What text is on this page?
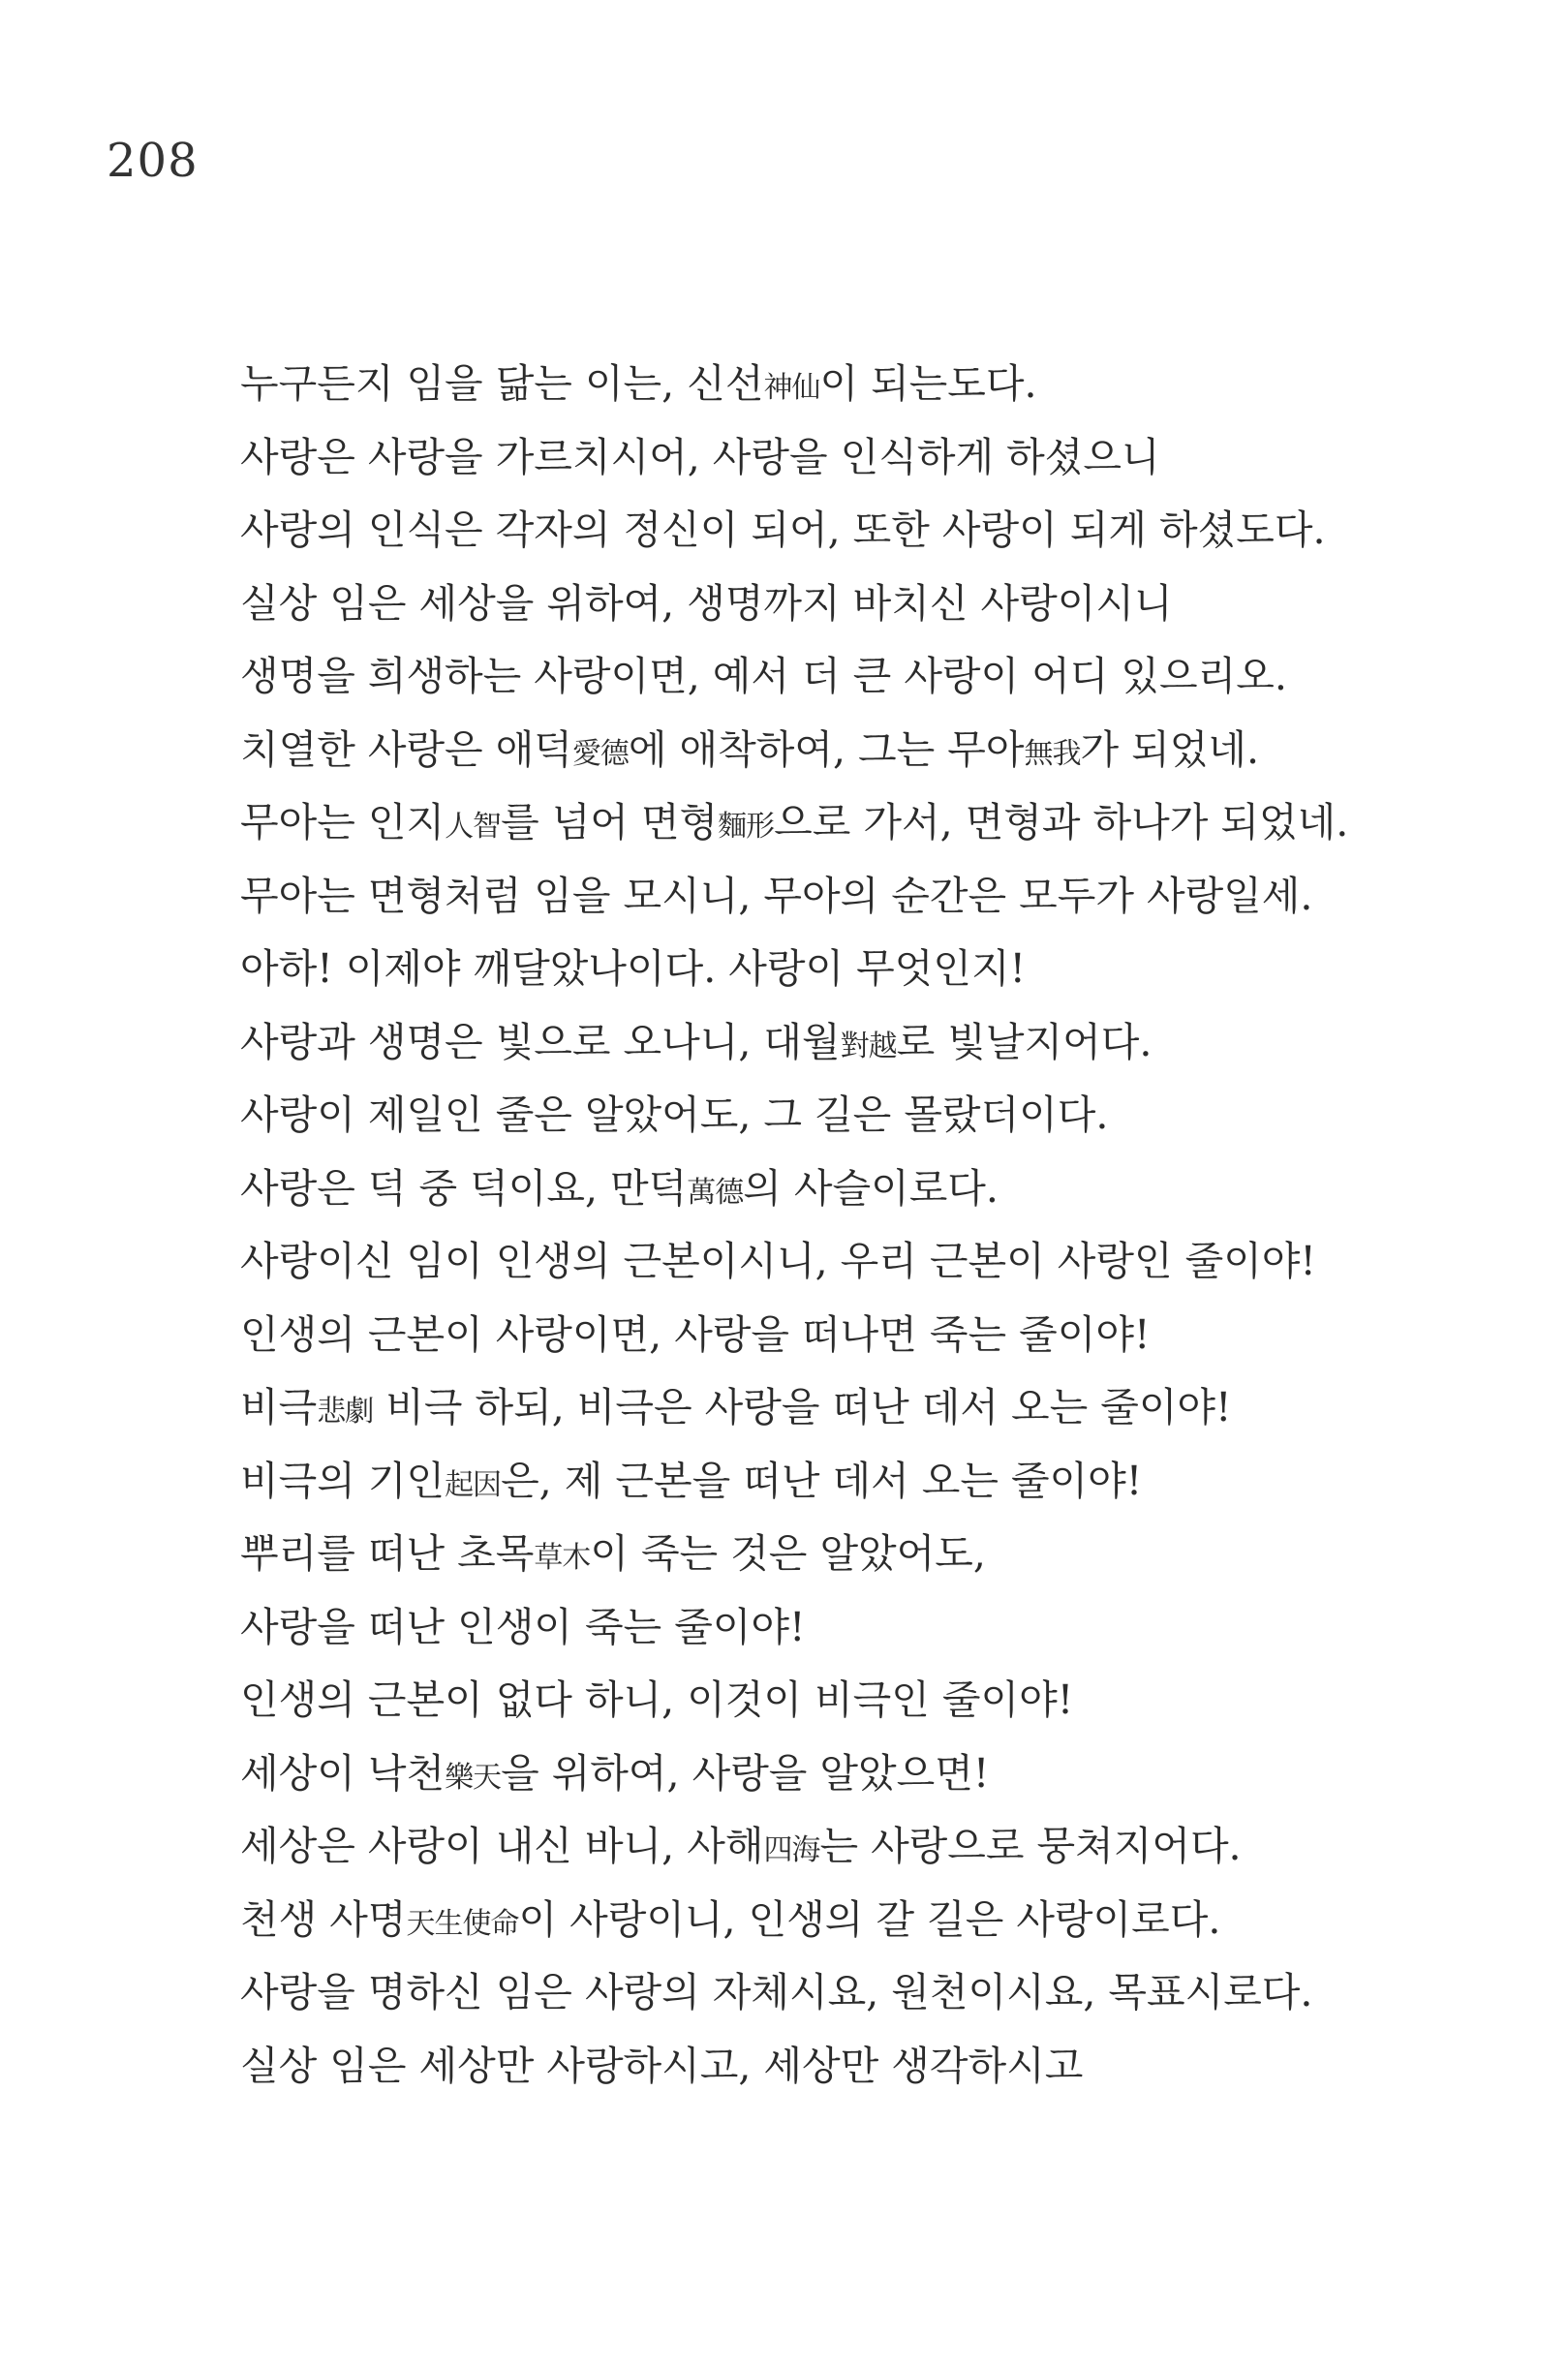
208
누구든지 임을 닮는 이는, 신선神仙이 되는도다.
사랑은 사랑을 가르치시어, 사랑을 인식하게 하셨으니
사랑의 인식은 각자의 정신이 되어, 또한 사랑이 되게 하셨도다.
실상 임은 세상을 위하여, 생명까지 바치신 사랑이시니
생명을 희생하는 사랑이면, 예서 더 큰 사랑이 어디 있으리오.
치열한 사랑은 애덕愛德에 애착하여, 그는 무아無我가 되었네.
무아는 인지人智를 넘어 면형麵形으로 가서, 면형과 하나가 되었네.
무아는 면형처럼 임을 모시니, 무아의 순간은 모두가 사랑일세.
아하! 이제야 깨달았나이다. 사랑이 무엇인지!
사랑과 생명은 빛으로 오나니, 대월對越로 빛날지어다.
사랑이 제일인 줄은 알았어도, 그 길은 몰랐더이다.
사랑은 덕 중 덕이요, 만덕萬德의 사슬이로다.
사랑이신 임이 인생의 근본이시니, 우리 근본이 사랑인 줄이야!
인생의 근본이 사랑이면, 사랑을 떠나면 죽는 줄이야!
비극悲劇 비극 하되, 비극은 사랑을 떠난 데서 오는 줄이야!
비극의 기인起因은, 제 근본을 떠난 데서 오는 줄이야!
뿌리를 떠난 초목草木이 죽는 것은 알았어도,
사랑을 떠난 인생이 죽는 줄이야!
인생의 근본이 없다 하니, 이것이 비극인 줄이야!
세상이 낙천樂天을 위하여, 사랑을 알았으면!
세상은 사랑이 내신 바니, 사해四海는 사랑으로 뭉쳐지어다.
천생 사명天生使命이 사랑이니, 인생의 갈 길은 사랑이로다.
사랑을 명하신 임은 사랑의 자체시요, 원천이시요, 목표시로다.
실상 임은 세상만 사랑하시고, 세상만 생각하시고
